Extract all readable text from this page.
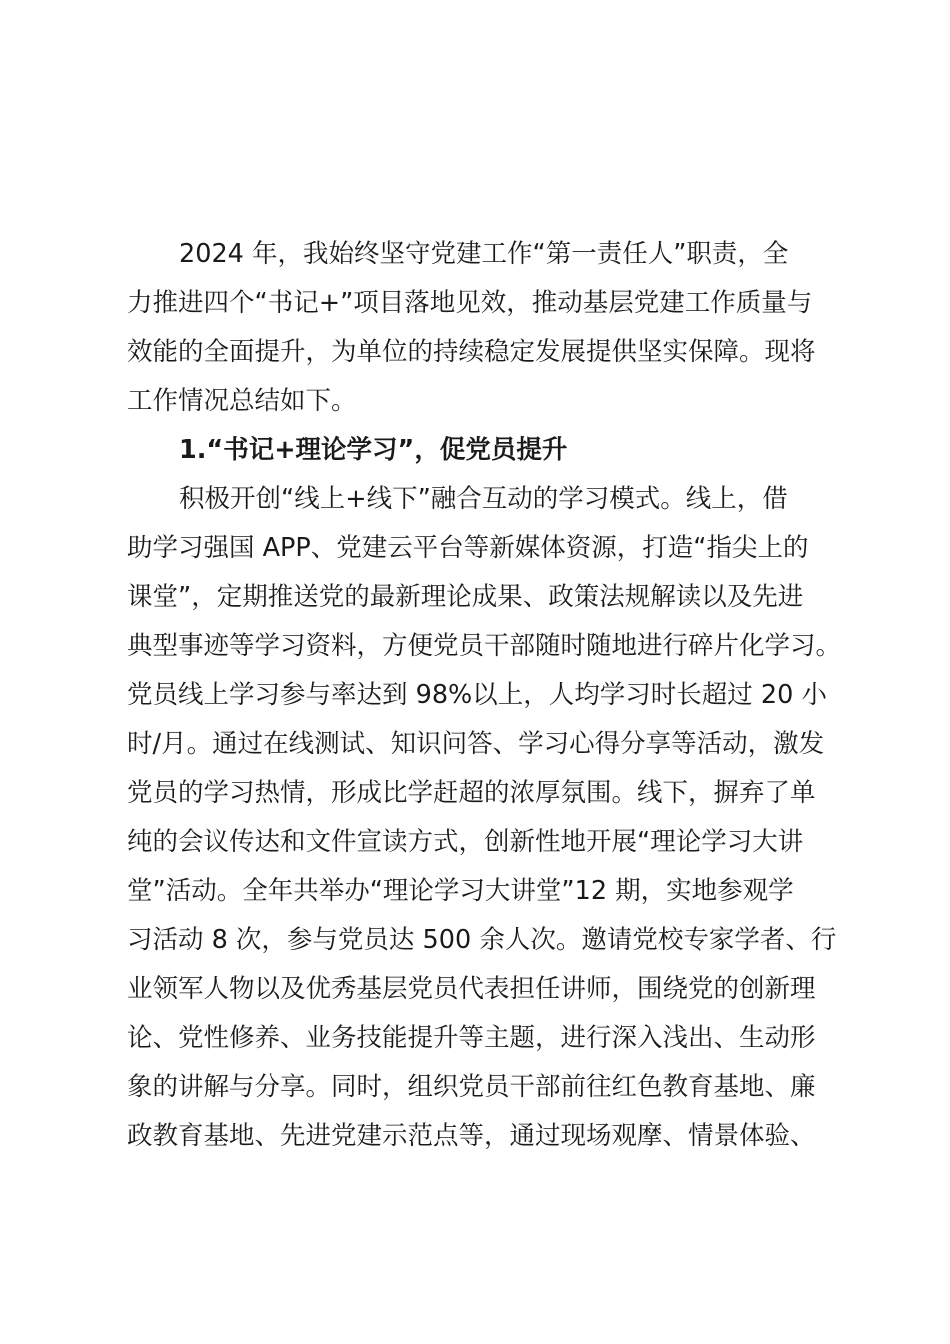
2024 年，我始终坚守党建工作“第一责任人”职责，全

力推进四个“书记+”项目落地见效，推动基层党建工作质量与

效能的全面提升，为单位的持续稳定发展提供坚实保障。现将

工作情况总结如下。

1.“书记+理论学习”，促党员提升

积极开创“线上+线下”融合互动的学习模式。线上，借

助学习强国 APP、党建云平台等新媒体资源，打造“指尖上的

课堂”，定期推送党的最新理论成果、政策法规解读以及先进

典型事迹等学习资料，方便党员干部随时随地进行碎片化学习。

党员线上学习参与率达到 98%以上，人均学习时长超过 20 小

时/月。通过在线测试、知识问答、学习心得分享等活动，激发

党员的学习热情，形成比学赶超的浓厚氛围。线下，摒弃了单

纯的会议传达和文件宣读方式，创新性地开展“理论学习大讲

堂”活动。全年共举办“理论学习大讲堂”12 期，实地参观学

习活动 8 次，参与党员达 500 余人次。邀请党校专家学者、行

业领军人物以及优秀基层党员代表担任讲师，围绕党的创新理

论、党性修养、业务技能提升等主题，进行深入浅出、生动形

象的讲解与分享。同时，组织党员干部前往红色教育基地、廉

政教育基地、先进党建示范点等，通过现场观摩、情景体验、
